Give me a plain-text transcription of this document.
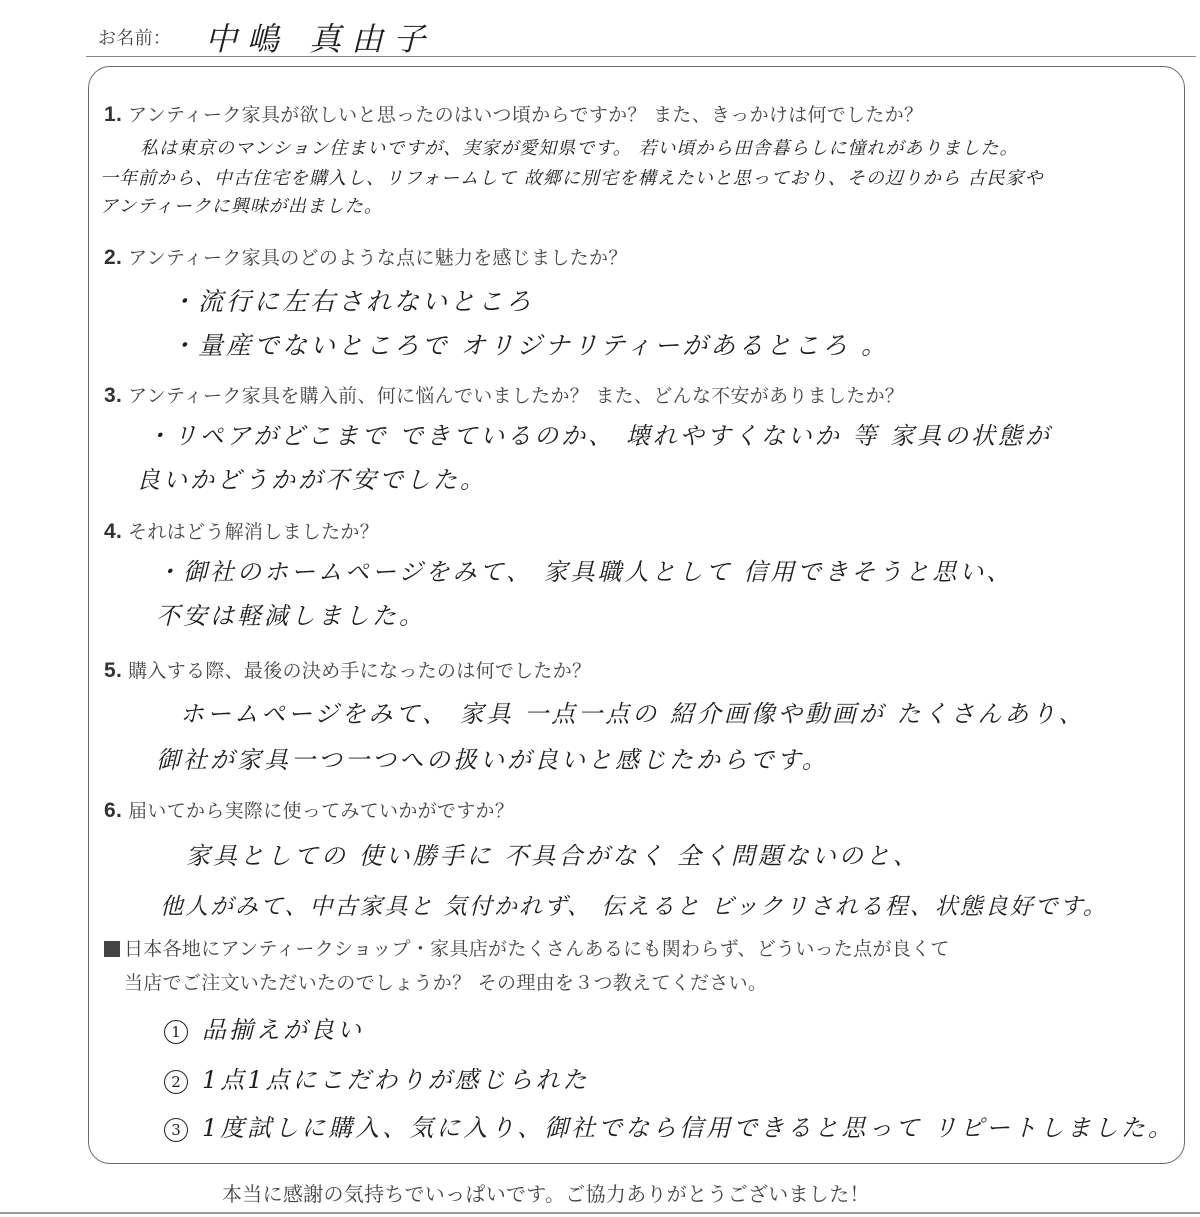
お名前： 中嶋 真由子
1. アンティーク家具が欲しいと思ったのはいつ頃からですか？ また、きっかけは何でしたか？
私は東京のマンション住まいですが、実家が愛知県です。 若い頃から田舎暮らしに憧れがありました。
一年前から、中古住宅を購入し、リフォームして 故郷に別宅を構えたいと思っており、その辺りから 古民家や
アンティークに興味が出ました。
2. アンティーク家具のどのような点に魅力を感じましたか？
・流行に左右されないところ
・量産でないところで オリジナリティーがあるところ 。
3. アンティーク家具を購入前、何に悩んでいましたか？ また、どんな不安がありましたか？
・リペアがどこまで できているのか、 壊れやすくないか 等 家具の状態が
良いかどうかが不安でした。
4. それはどう解消しましたか？
・御社のホームページをみて、 家具職人として 信用できそうと思い、
不安は軽減しました。
5. 購入する際、最後の決め手になったのは何でしたか？
ホームページをみて、 家具 一点一点の 紹介画像や動画が たくさんあり、
御社が家具一つ一つへの扱いが良いと感じたからです。
6. 届いてから実際に使ってみていかがですか？
家具としての 使い勝手に 不具合がなく 全く問題ないのと、
他人がみて、中古家具と 気付かれず、 伝えると ビックリされる程、状態良好です。
日本各地にアンティークショップ・家具店がたくさんあるにも関わらず、どういった点が良くて
当店でご注文いただいたのでしょうか？ その理由を３つ教えてください。
1 品揃えが良い
2 1点1点にこだわりが感じられた
3 1度試しに購入、気に入り、御社でなら信用できると思って リピートしました。
本当に感謝の気持ちでいっぱいです。ご協力ありがとうございました！
